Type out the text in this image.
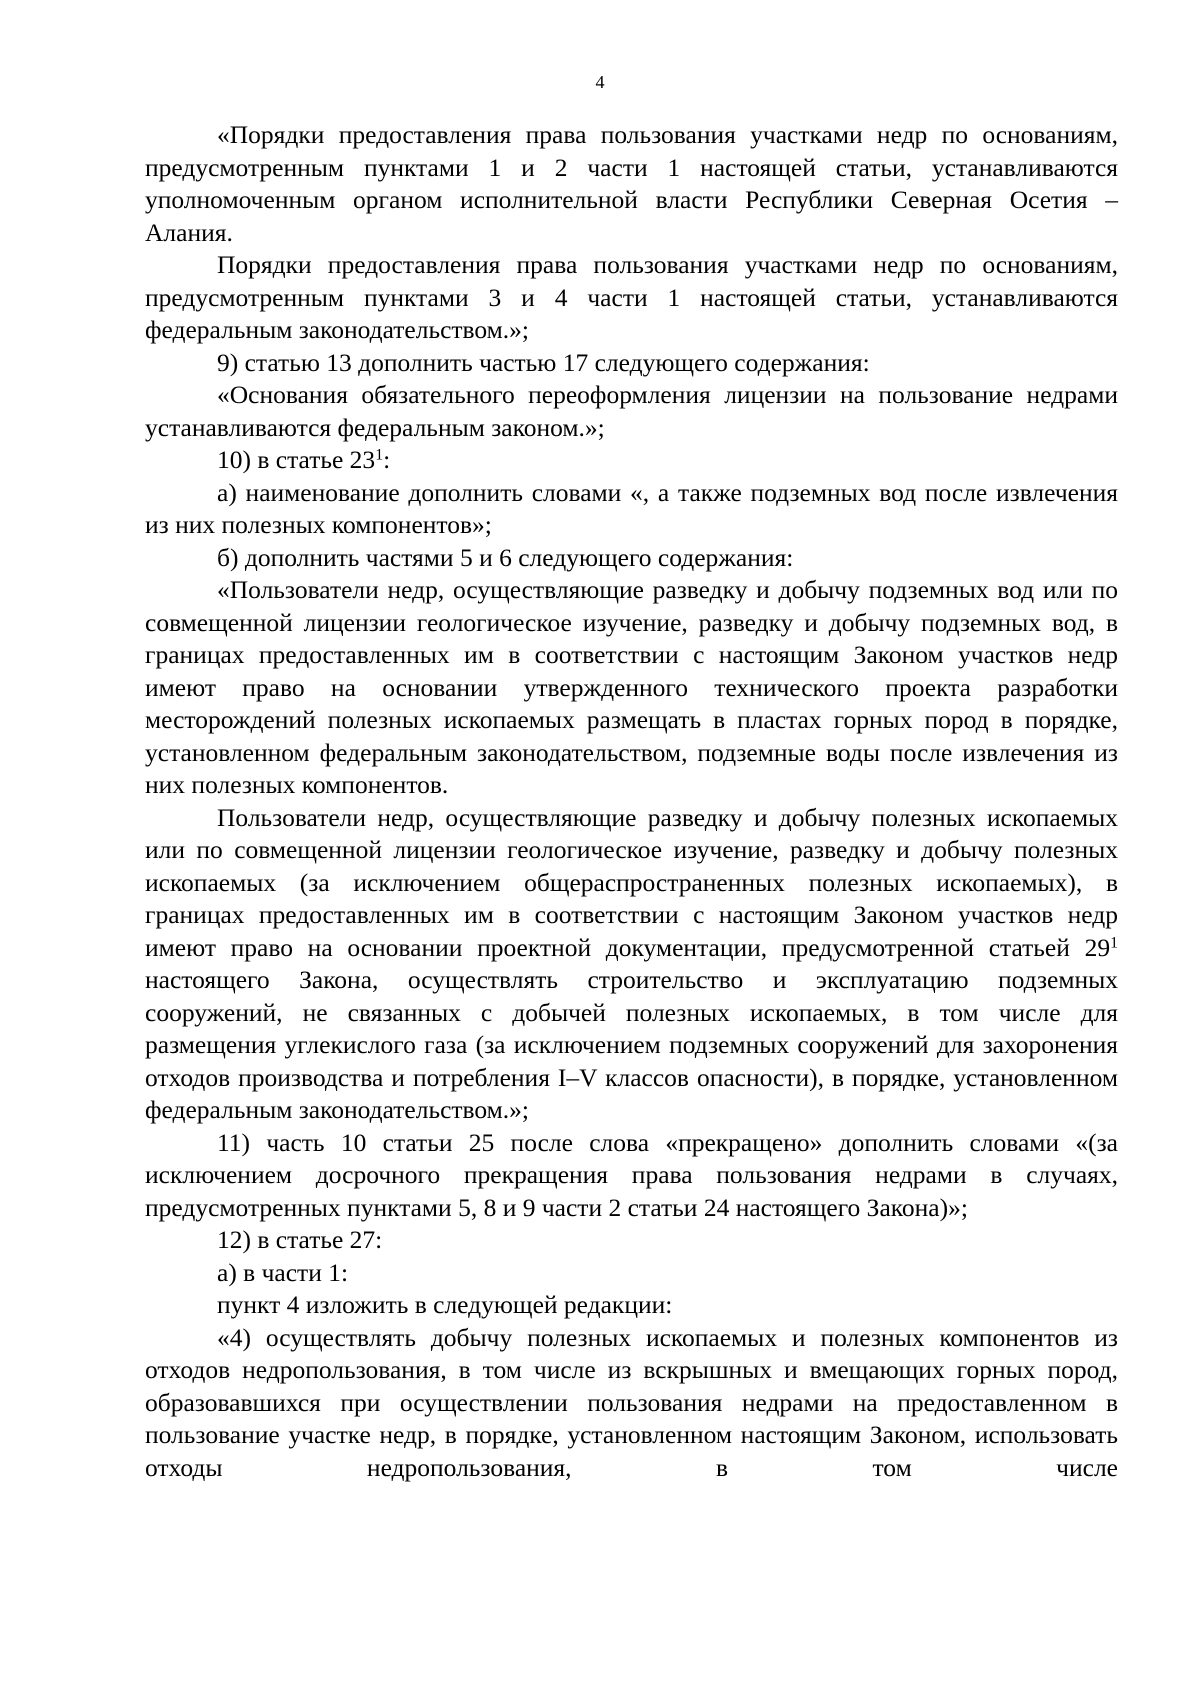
4

«Порядки предоставления права пользования участками недр по основаниям, предусмотренным пунктами 1 и 2 части 1 настоящей статьи, устанавливаются уполномоченным органом исполнительной власти Республики Северная Осетия – Алания.

Порядки предоставления права пользования участками недр по основаниям, предусмотренным пунктами 3 и 4 части 1 настоящей статьи, устанавливаются федеральным законодательством.»;

9) статью 13 дополнить частью 17 следующего содержания:

«Основания обязательного переоформления лицензии на пользование недрами устанавливаются федеральным законом.»;

10) в статье $23^1$:

а) наименование дополнить словами «, а также подземных вод после извлечения из них полезных компонентов»;

б) дополнить частями 5 и 6 следующего содержания:

«Пользователи недр, осуществляющие разведку и добычу подземных вод или по совмещенной лицензии геологическое изучение, разведку и добычу подземных вод, в границах предоставленных им в соответствии с настоящим Законом участков недр имеют право на основании утвержденного технического проекта разработки месторождений полезных ископаемых размещать в пластах горных пород в порядке, установленном федеральным законодательством, подземные воды после извлечения из них полезных компонентов.

Пользователи недр, осуществляющие разведку и добычу полезных ископаемых или по совмещенной лицензии геологическое изучение, разведку и добычу полезных ископаемых (за исключением общераспространенных полезных ископаемых), в границах предоставленных им в соответствии с настоящим Законом участков недр имеют право на основании проектной документации, предусмотренной статьей $29^1$ настоящего Закона, осуществлять строительство и эксплуатацию подземных сооружений, не связанных с добычей полезных ископаемых, в том числе для размещения углекислого газа (за исключением подземных сооружений для захоронения отходов производства и потребления I–V классов опасности), в порядке, установленном федеральным законодательством.»;

11) часть 10 статьи 25 после слова «прекращено» дополнить словами «(за исключением досрочного прекращения права пользования недрами в случаях, предусмотренных пунктами 5, 8 и 9 части 2 статьи 24 настоящего Закона)»;

12) в статье 27:

а) в части 1:

пункт 4 изложить в следующей редакции:

«4) осуществлять добычу полезных ископаемых и полезных компонентов из отходов недропользования, в том числе из вскрышных и вмещающих горных пород, образовавшихся при осуществлении пользования недрами на предоставленном в пользование участке недр, в порядке, установленном настоящим Законом, использовать отходы недропользования, в том числе
